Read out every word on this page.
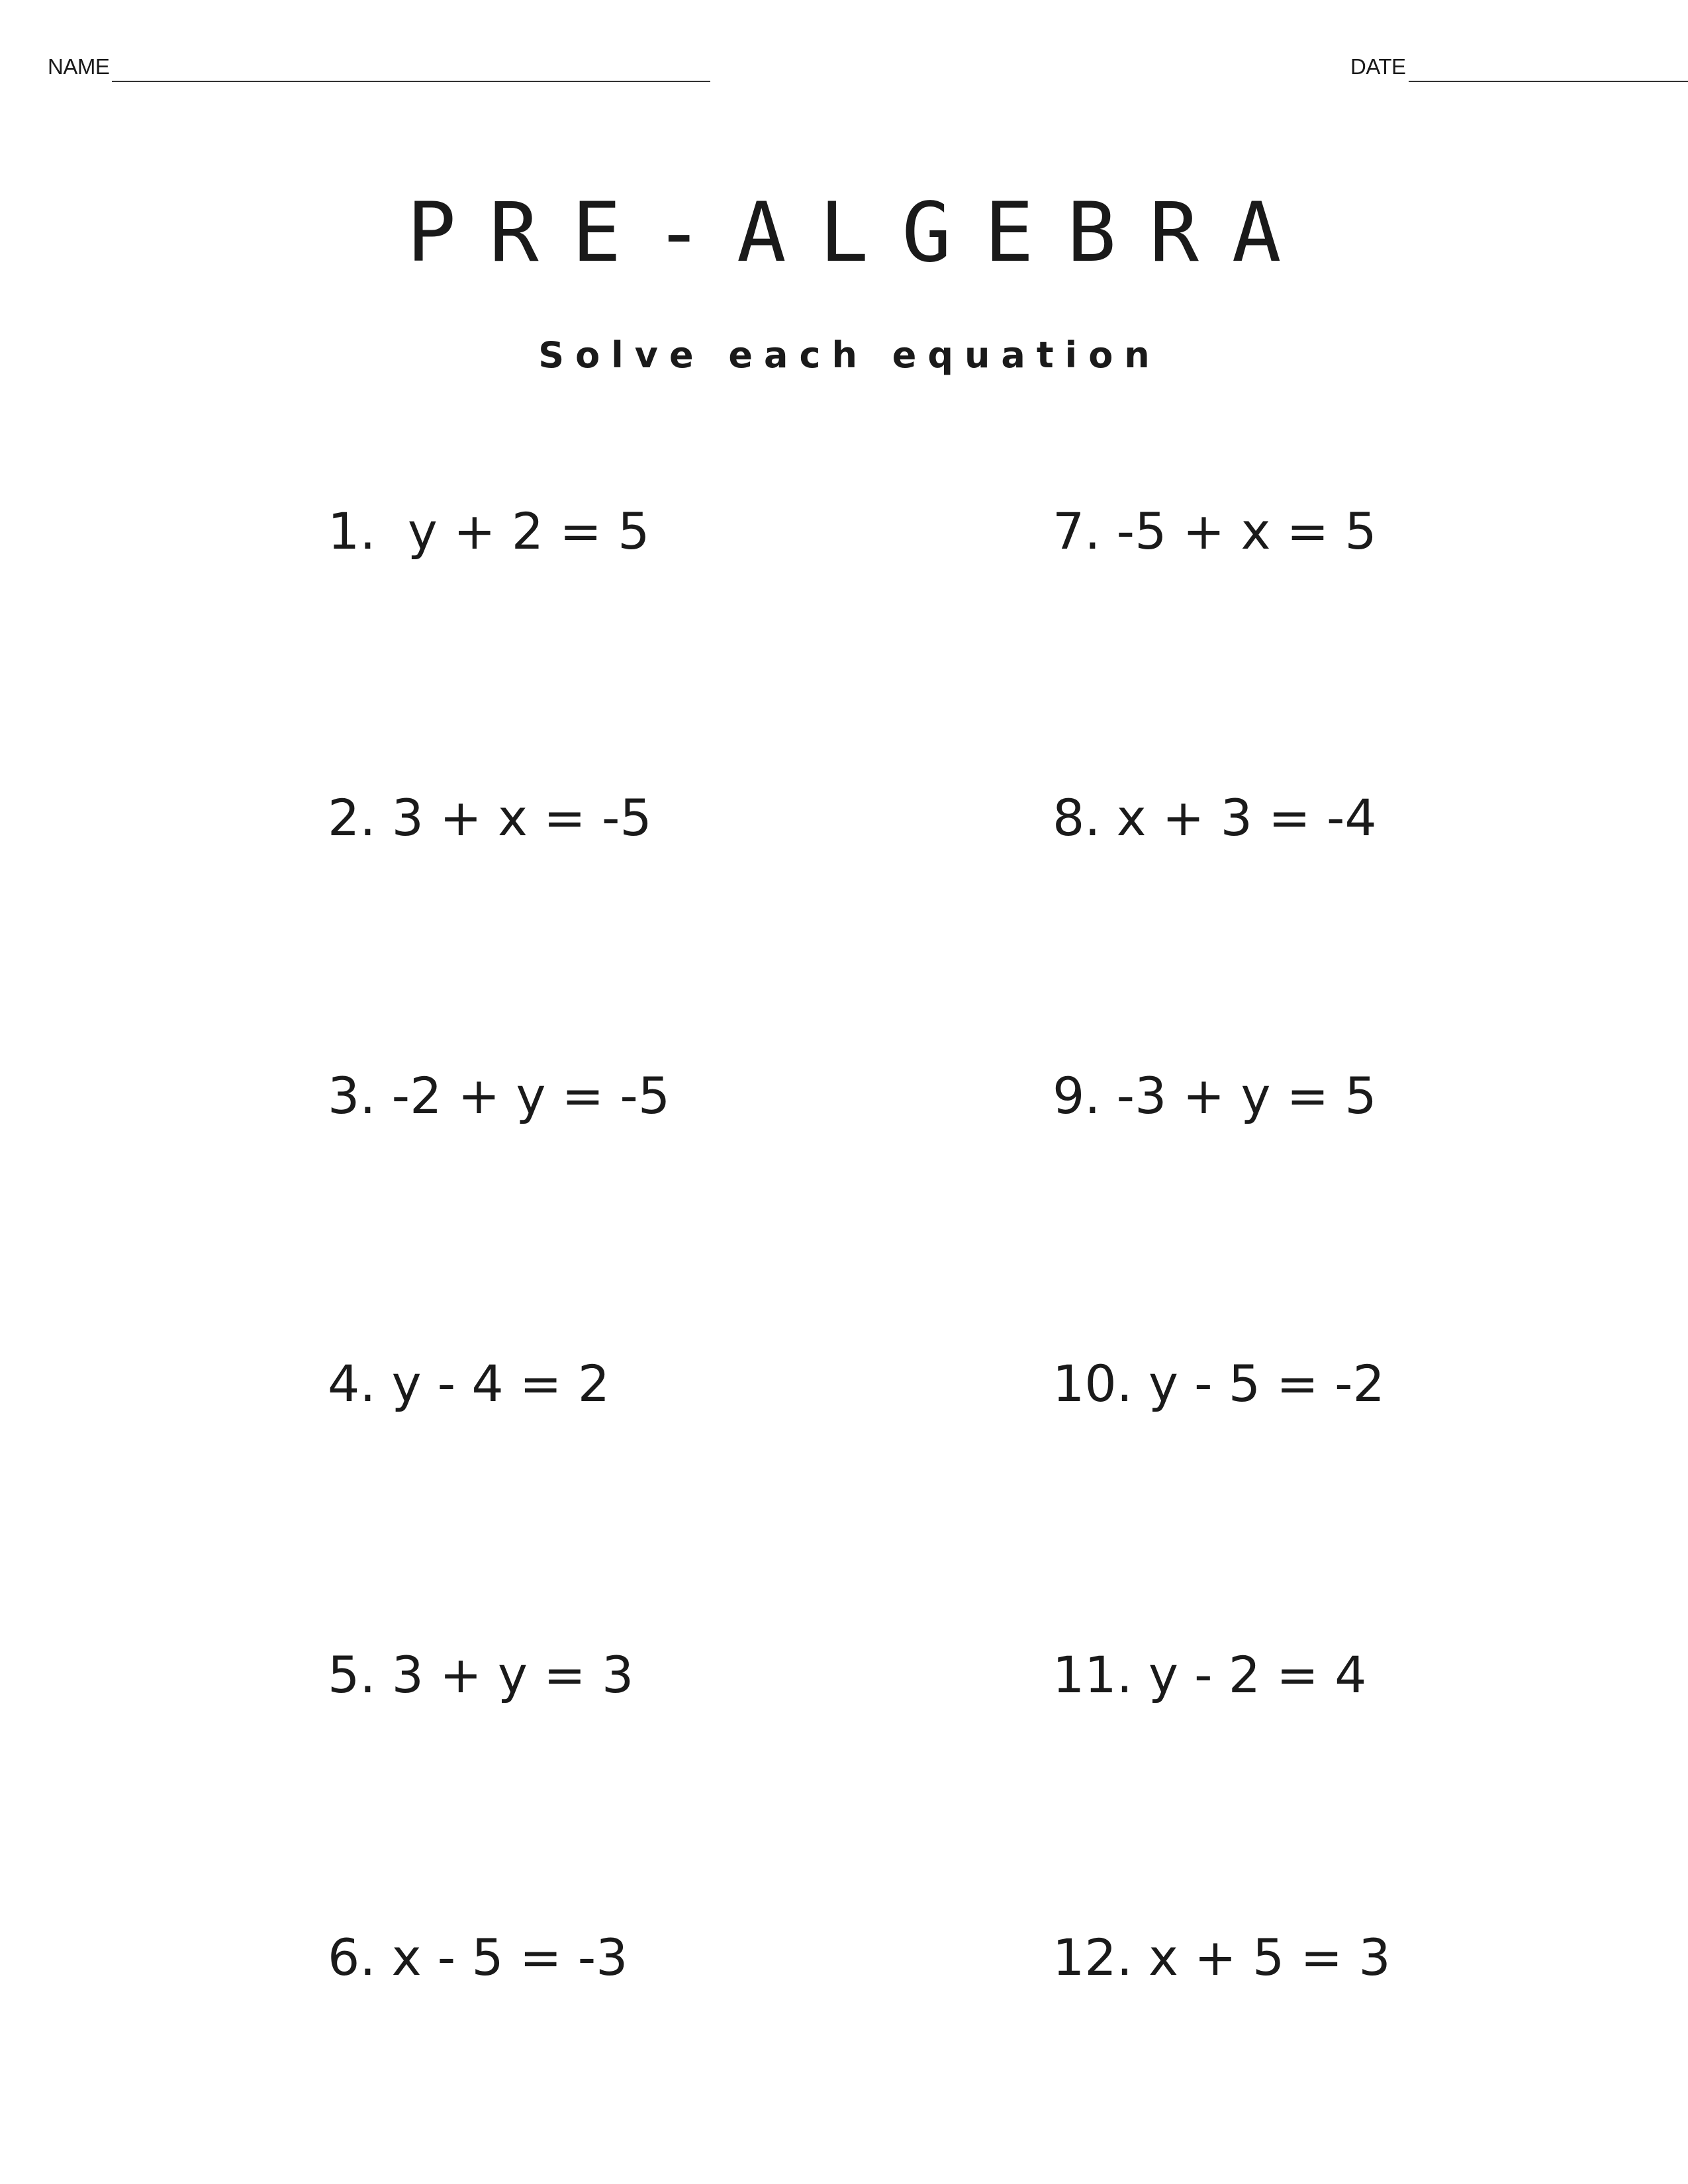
NAME	DATE
PRE-ALGEBRA
Solve each equation
1.  y + 2 = 5
2. 3 + x = -5
3. -2 + y = -5
4. y - 4 = 2
5. 3 + y = 3
6. x - 5 = -3
7. -5 + x = 5
8. x + 3 = -4
9. -3 + y = 5
10. y - 5 = -2
11. y - 2 = 4
12. x + 5 = 3
